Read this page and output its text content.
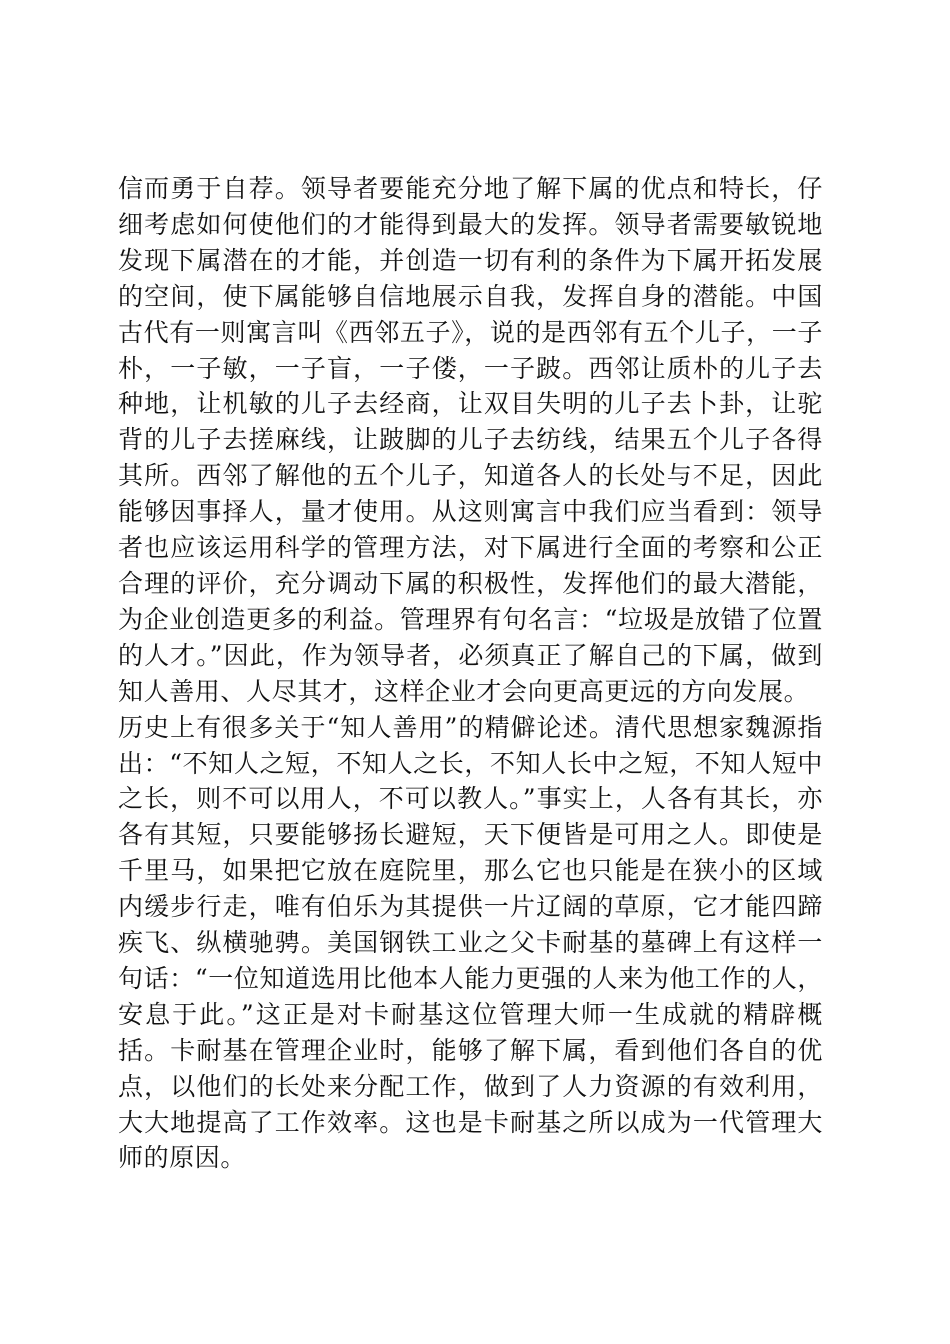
信而勇于自荐。领导者要能充分地了解下属的优点和特长，仔细考虑如何使他们的才能得到最大的发挥。领导者需要敏锐地发现下属潜在的才能，并创造一切有利的条件为下属开拓发展的空间，使下属能够自信地展示自我，发挥自身的潜能。中国古代有一则寓言叫《西邻五子》，说的是西邻有五个儿子，一子朴，一子敏，一子盲，一子偻，一子跛。西邻让质朴的儿子去种地，让机敏的儿子去经商，让双目失明的儿子去卜卦，让驼背的儿子去搓麻线，让跛脚的儿子去纺线，结果五个儿子各得其所。西邻了解他的五个儿子，知道各人的长处与不足，因此能够因事择人，量才使用。从这则寓言中我们应当看到：领导者也应该运用科学的管理方法，对下属进行全面的考察和公正合理的评价，充分调动下属的积极性，发挥他们的最大潜能，为企业创造更多的利益。管理界有句名言：“垃圾是放错了位置的人才。”因此，作为领导者，必须真正了解自己的下属，做到知人善用、人尽其才，这样企业才会向更高更远的方向发展。

历史上有很多关于“知人善用”的精僻论述。清代思想家魏源指出：“不知人之短，不知人之长，不知人长中之短，不知人短中之长，则不可以用人，不可以教人。”事实上，人各有其长，亦各有其短，只要能够扬长避短，天下便皆是可用之人。即使是千里马，如果把它放在庭院里，那么它也只能是在狭小的区域内缓步行走，唯有伯乐为其提供一片辽阔的草原，它才能四蹄疾飞、纵横驰骋。美国钢铁工业之父卡耐基的墓碑上有这样一句话：“一位知道选用比他本人能力更强的人来为他工作的人，安息于此。”这正是对卡耐基这位管理大师一生成就的精辟概括。卡耐基在管理企业时，能够了解下属，看到他们各自的优点，以他们的长处来分配工作，做到了人力资源的有效利用，大大地提高了工作效率。这也是卡耐基之所以成为一代管理大师的原因。
